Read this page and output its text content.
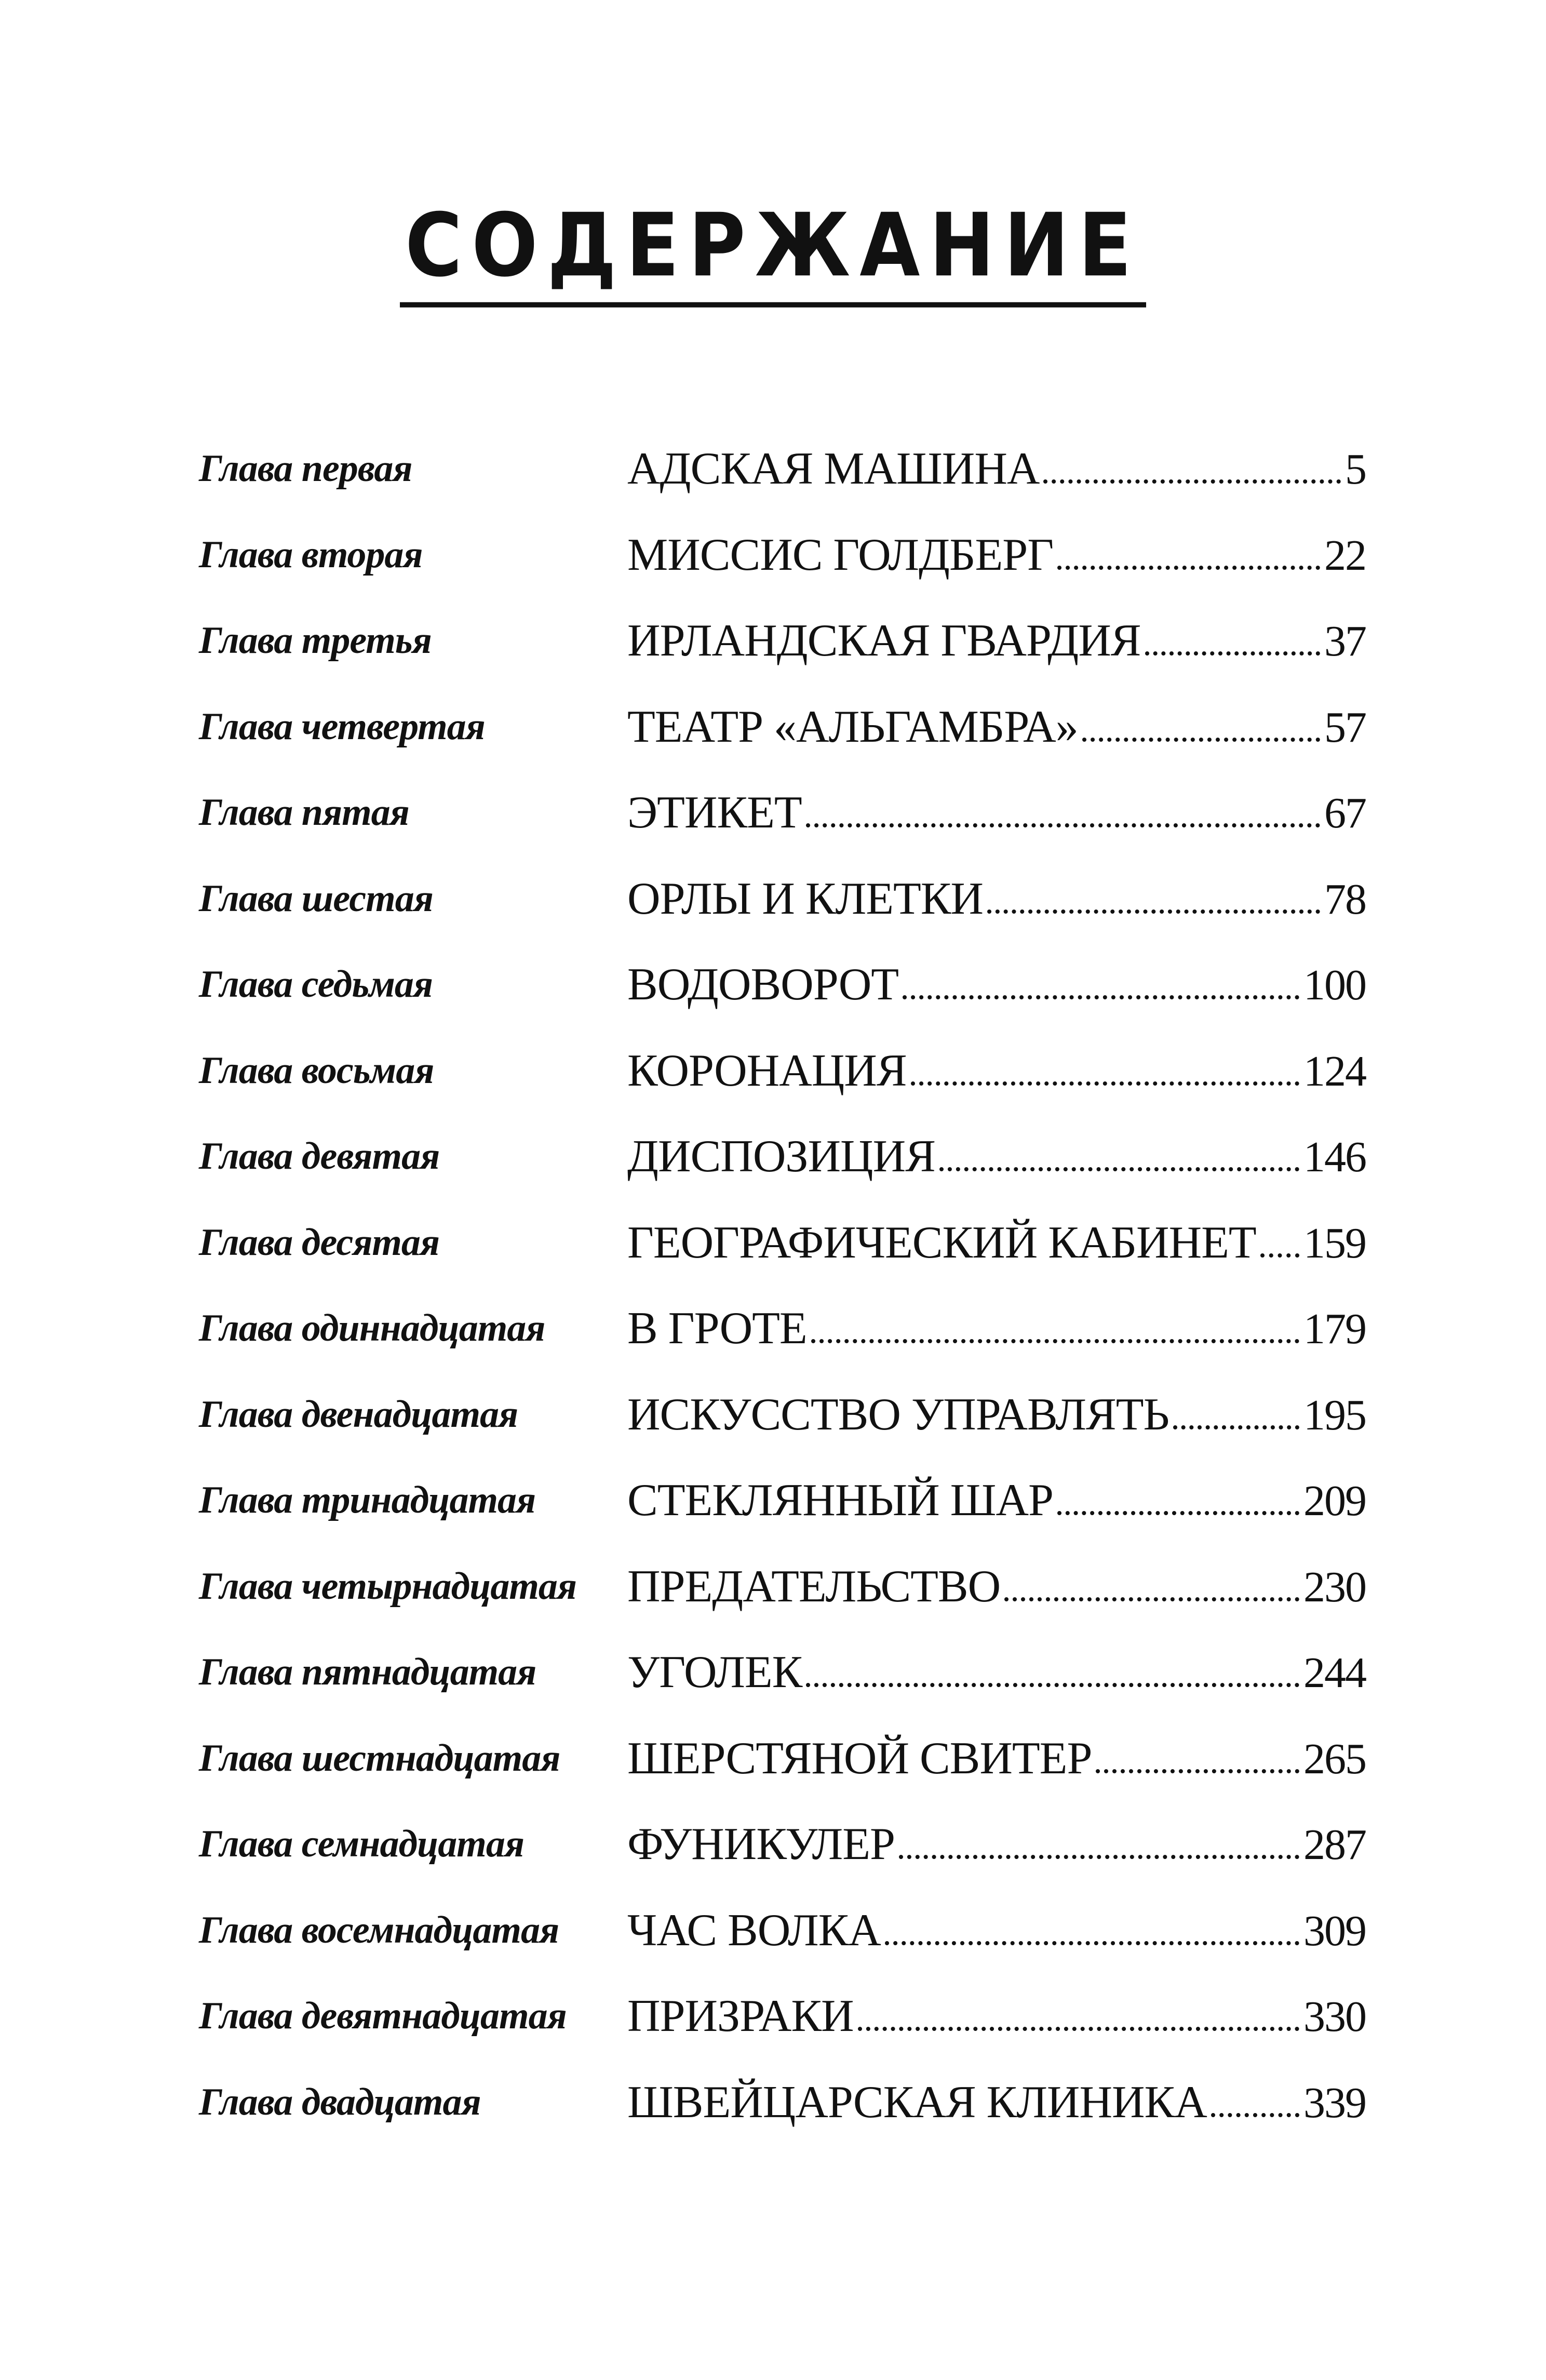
СОДЕРЖАНИЕ
Глава первая	АДСКАЯ МАШИНА	5
Глава вторая	МИССИС ГОЛДБЕРГ	22
Глава третья	ИРЛАНДСКАЯ ГВАРДИЯ	37
Глава четвертая	ТЕАТР «АЛЬГАМБРА»	57
Глава пятая	ЭТИКЕТ	67
Глава шестая	ОРЛЫ И КЛЕТКИ	78
Глава седьмая	ВОДОВОРОТ	100
Глава восьмая	КОРОНАЦИЯ	124
Глава девятая	ДИСПОЗИЦИЯ	146
Глава десятая	ГЕОГРАФИЧЕСКИЙ КАБИНЕТ 159
Глава одиннадцатая	В ГРОТЕ	179
Глава двенадцатая	ИСКУССТВО УПРАВЛЯТЬ	195
Глава тринадцатая	СТЕКЛЯННЫЙ ШАР	209
Глава четырнадцатая	ПРЕДАТЕЛЬСТВО	230
Глава пятнадцатая	УГОЛЕК	244
Глава шестнадцатая	ШЕРСТЯНОЙ СВИТЕР	265
Глава семнадцатая	ФУНИКУЛЕР	287
Глава восемнадцатая	ЧАС ВОЛКА	309
Глава девятнадцатая	ПРИЗРАКИ	330
Глава двадцатая	ШВЕЙЦАРСКАЯ КЛИНИКА 339
